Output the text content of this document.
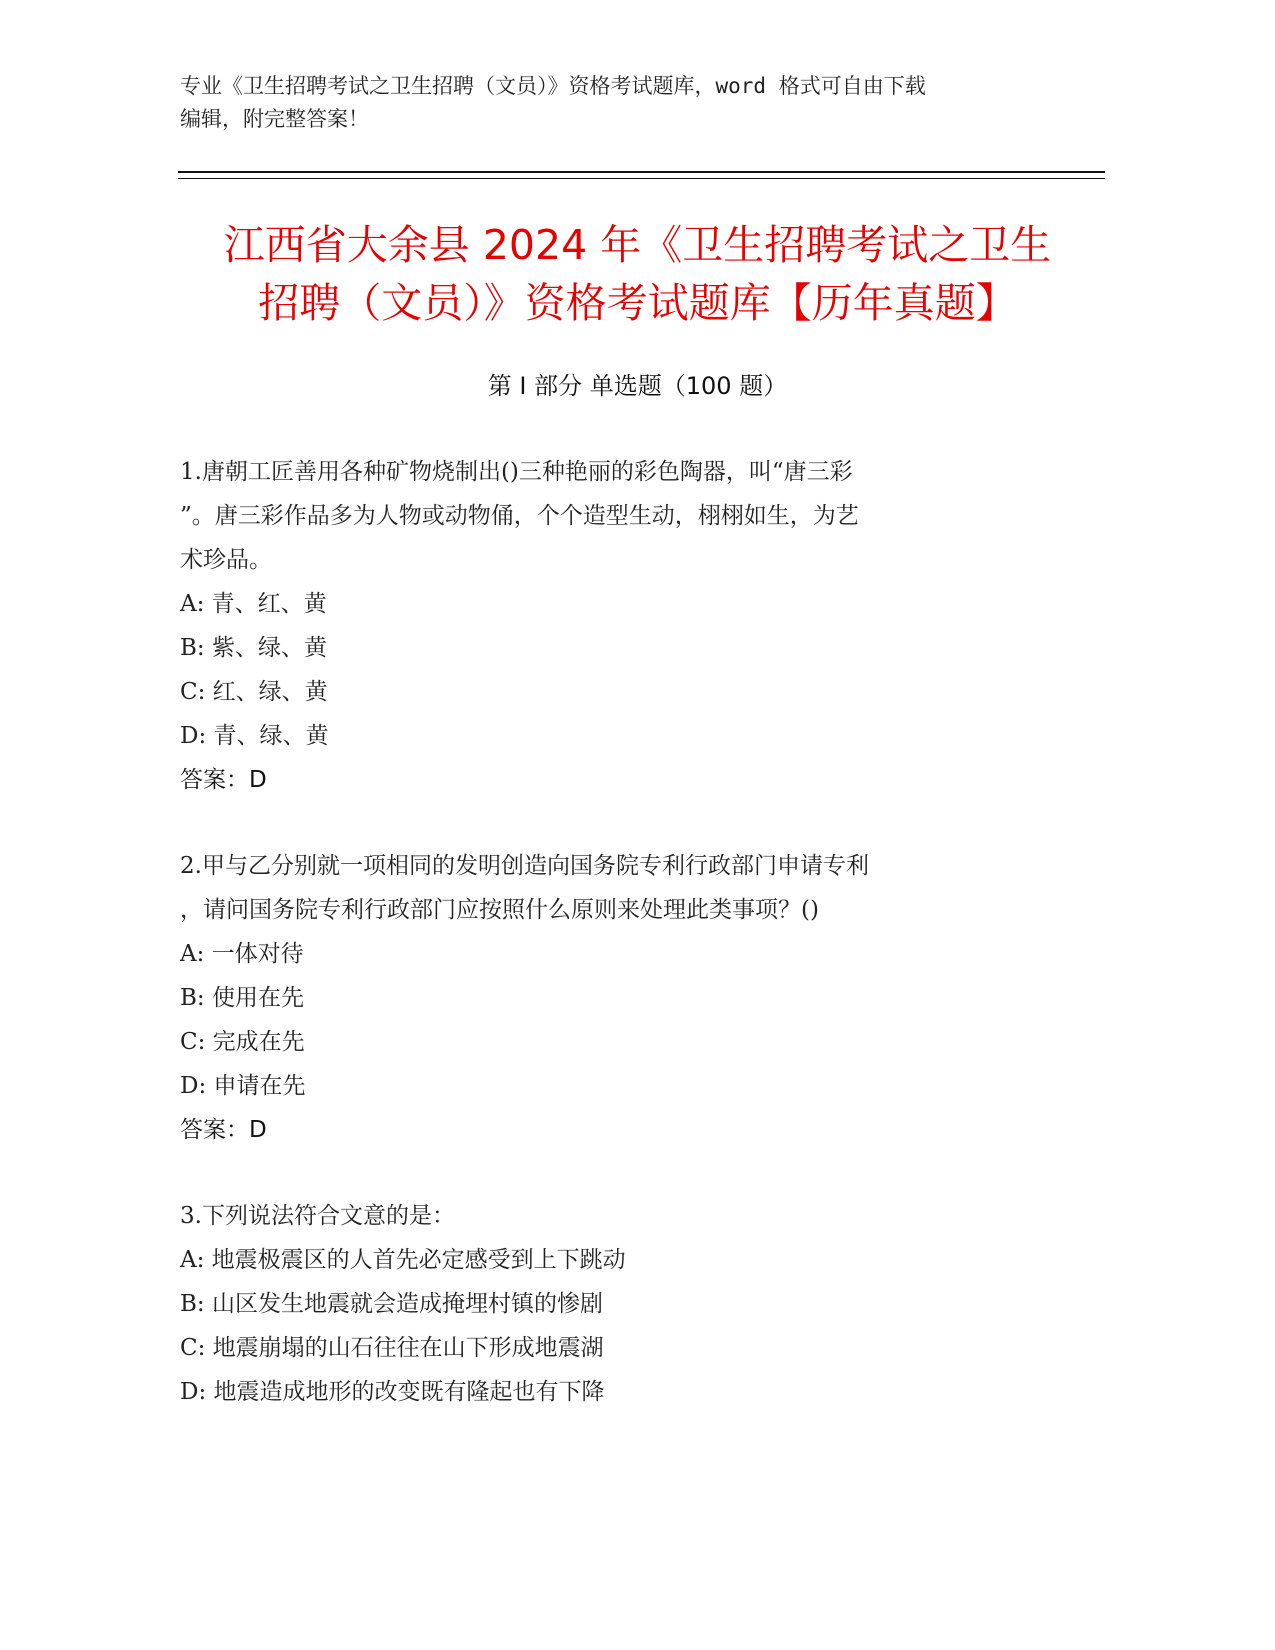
专业《卫生招聘考试之卫生招聘（文员）》资格考试题库，word 格式可自由下载
编辑，附完整答案！
江西省大余县 2024 年《卫生招聘考试之卫生
招聘（文员）》资格考试题库【历年真题】
第 I 部分 单选题（100 题）
1.唐朝工匠善用各种矿物烧制出()三种艳丽的彩色陶器，叫“唐三彩
”。唐三彩作品多为人物或动物俑，个个造型生动，栩栩如生，为艺
术珍品。
A: 青、红、黄
B: 紫、绿、黄
C: 红、绿、黄
D: 青、绿、黄
答案：D
2.甲与乙分别就一项相同的发明创造向国务院专利行政部门申请专利
，请问国务院专利行政部门应按照什么原则来处理此类事项？()
A: 一体对待
B: 使用在先
C: 完成在先
D: 申请在先
答案：D
3.下列说法符合文意的是：
A: 地震极震区的人首先必定感受到上下跳动
B: 山区发生地震就会造成掩埋村镇的惨剧
C: 地震崩塌的山石往往在山下形成地震湖
D: 地震造成地形的改变既有隆起也有下降
